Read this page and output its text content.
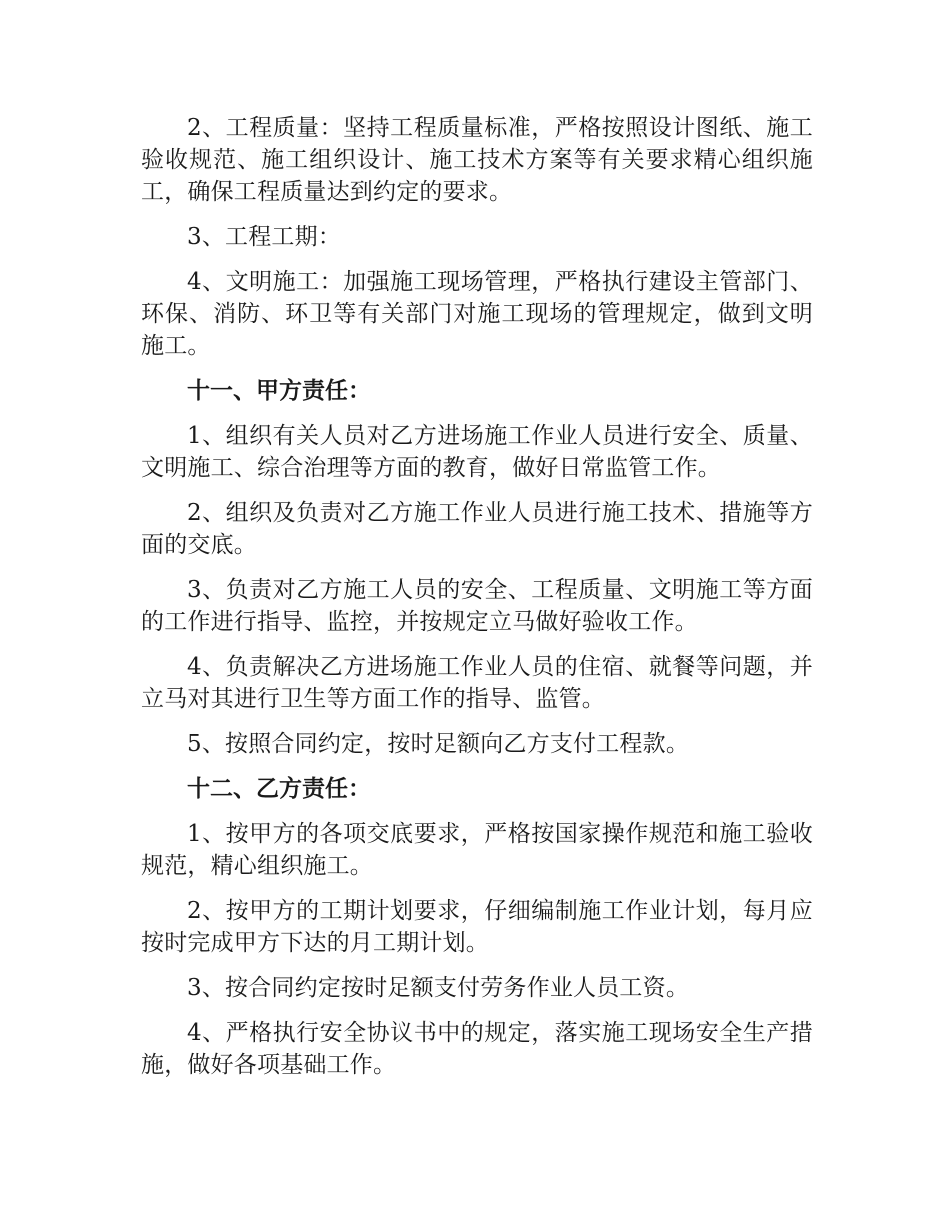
2、工程质量：坚持工程质量标准，严格按照设计图纸、施工验收规范、施工组织设计、施工技术方案等有关要求精心组织施工，确保工程质量达到约定的要求。

3、工程工期：

4、文明施工：加强施工现场管理，严格执行建设主管部门、环保、消防、环卫等有关部门对施工现场的管理规定，做到文明施工。

十一、甲方责任：

1、组织有关人员对乙方进场施工作业人员进行安全、质量、文明施工、综合治理等方面的教育，做好日常监管工作。

2、组织及负责对乙方施工作业人员进行施工技术、措施等方面的交底。

3、负责对乙方施工人员的安全、工程质量、文明施工等方面的工作进行指导、监控，并按规定立马做好验收工作。

4、负责解决乙方进场施工作业人员的住宿、就餐等问题，并立马对其进行卫生等方面工作的指导、监管。

5、按照合同约定，按时足额向乙方支付工程款。

十二、乙方责任：

1、按甲方的各项交底要求，严格按国家操作规范和施工验收规范，精心组织施工。

2、按甲方的工期计划要求，仔细编制施工作业计划，每月应按时完成甲方下达的月工期计划。

3、按合同约定按时足额支付劳务作业人员工资。

4、严格执行安全协议书中的规定，落实施工现场安全生产措施，做好各项基础工作。
